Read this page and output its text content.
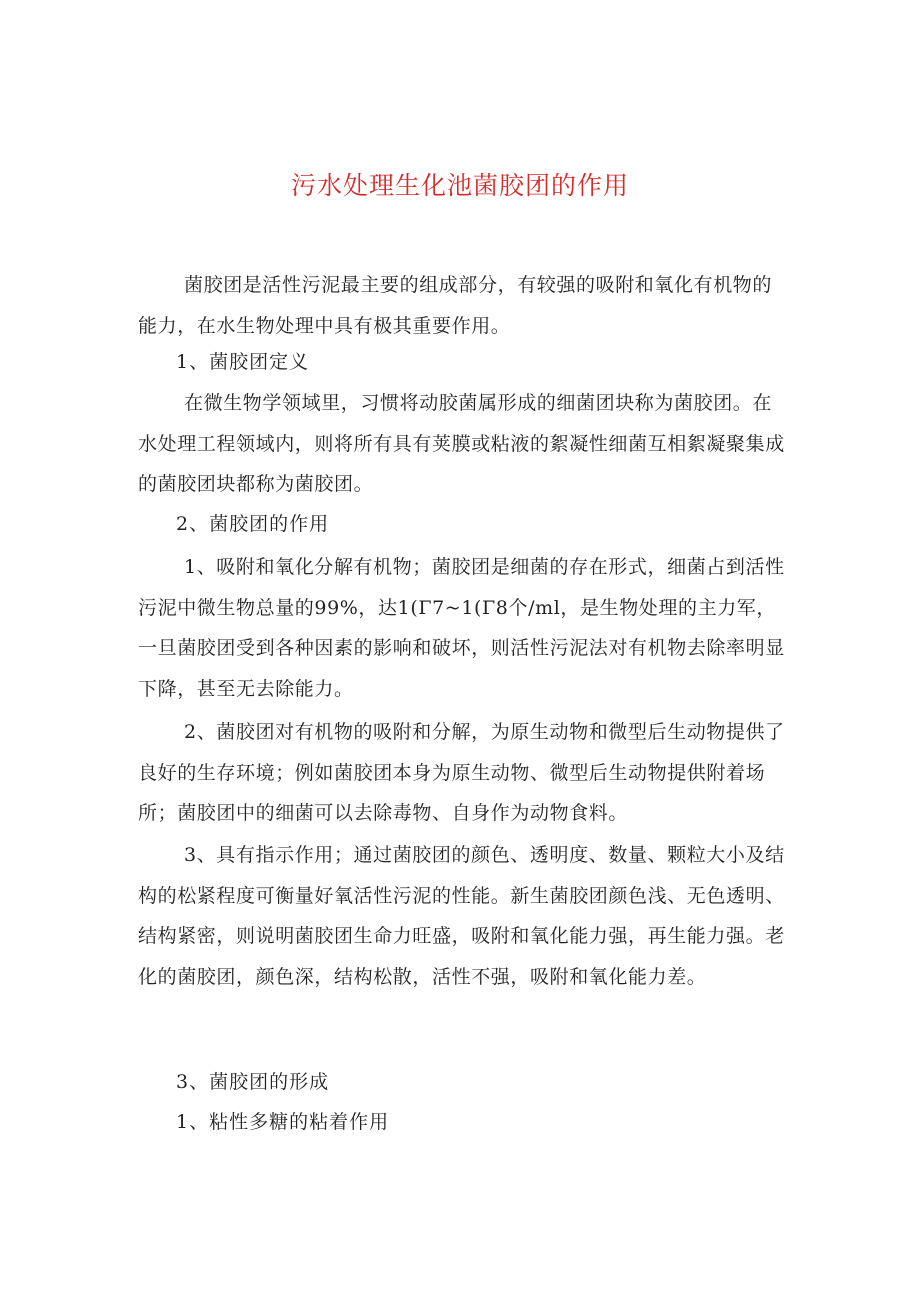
污水处理生化池菌胶团的作用

菌胶团是活性污泥最主要的组成部分，有较强的吸附和氧化有机物的能力，在水生物处理中具有极其重要作用。

1、菌胶团定义

在微生物学领域里，习惯将动胶菌属形成的细菌团块称为菌胶团。在水处理工程领域内，则将所有具有荚膜或粘液的絮凝性细菌互相絮凝聚集成的菌胶团块都称为菌胶团。

2、菌胶团的作用

1、吸附和氧化分解有机物；菌胶团是细菌的存在形式，细菌占到活性污泥中微生物总量的99%，达1(Γ7~1(Γ8个/ml，是生物处理的主力军，一旦菌胶团受到各种因素的影响和破坏，则活性污泥法对有机物去除率明显下降，甚至无去除能力。

2、菌胶团对有机物的吸附和分解，为原生动物和微型后生动物提供了良好的生存环境；例如菌胶团本身为原生动物、微型后生动物提供附着场所；菌胶团中的细菌可以去除毒物、自身作为动物食料。

3、具有指示作用；通过菌胶团的颜色、透明度、数量、颗粒大小及结构的松紧程度可衡量好氧活性污泥的性能。新生菌胶团颜色浅、无色透明、结构紧密，则说明菌胶团生命力旺盛，吸附和氧化能力强，再生能力强。老化的菌胶团，颜色深，结构松散，活性不强，吸附和氧化能力差。

3、菌胶团的形成

1、粘性多糖的粘着作用
